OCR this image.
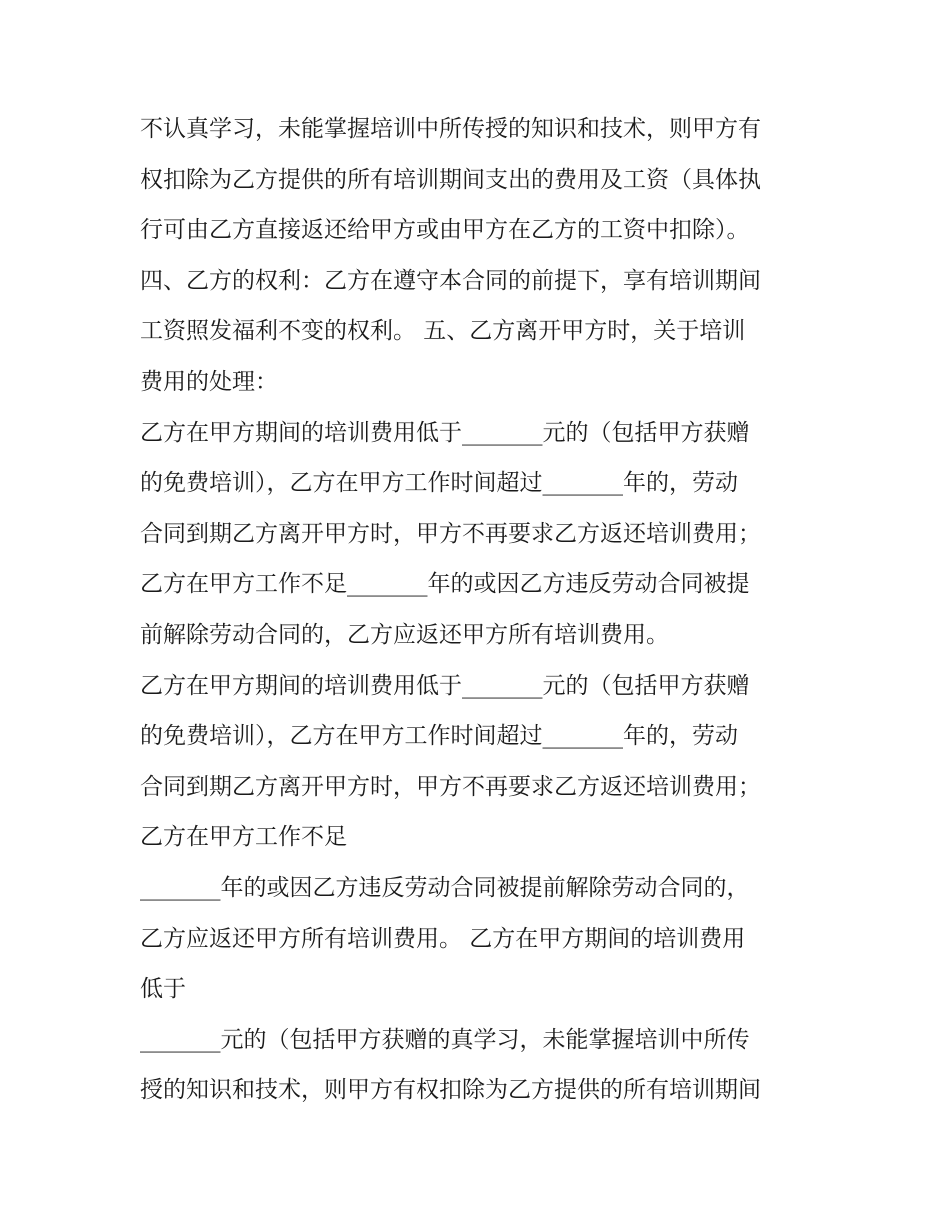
不认真学习，未能掌握培训中所传授的知识和技术，则甲方有

权扣除为乙方提供的所有培训期间支出的费用及工资（具体执

行可由乙方直接返还给甲方或由甲方在乙方的工资中扣除）。

四、乙方的权利：乙方在遵守本合同的前提下，享有培训期间

工资照发福利不变的权利。 五、乙方离开甲方时，关于培训

费用的处理：

乙方在甲方期间的培训费用低于_______元的（包括甲方获赠

的免费培训），乙方在甲方工作时间超过_______年的，劳动

合同到期乙方离开甲方时，甲方不再要求乙方返还培训费用；

乙方在甲方工作不足_______年的或因乙方违反劳动合同被提

前解除劳动合同的，乙方应返还甲方所有培训费用。

乙方在甲方期间的培训费用低于_______元的（包括甲方获赠

的免费培训），乙方在甲方工作时间超过_______年的，劳动

合同到期乙方离开甲方时，甲方不再要求乙方返还培训费用；

乙方在甲方工作不足

_______年的或因乙方违反劳动合同被提前解除劳动合同的，

乙方应返还甲方所有培训费用。 乙方在甲方期间的培训费用

低于

_______元的（包括甲方获赠的真学习，未能掌握培训中所传

授的知识和技术，则甲方有权扣除为乙方提供的所有培训期间
